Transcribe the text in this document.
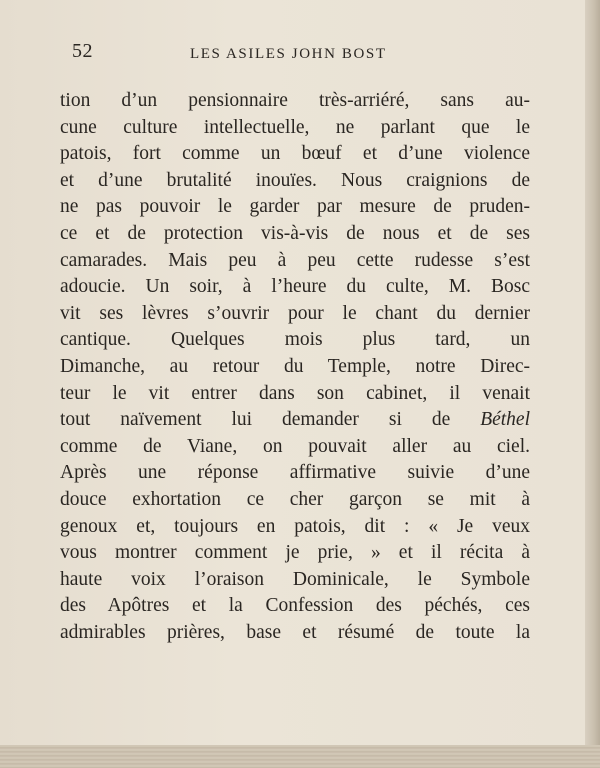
52	LES ASILES JOHN BOST
tion d’un pensionnaire très-arriéré, sans au-
cune culture intellectuelle, ne parlant que le
patois, fort comme un bœuf et d’une violence
et d’une brutalité inouïes. Nous craignions de
ne pas pouvoir le garder par mesure de pruden-
ce et de protection vis-à-vis de nous et de ses
camarades. Mais peu à peu cette rudesse s’est
adoucie. Un soir, à l’heure du culte, M. Bosc
vit ses lèvres s’ouvrir pour le chant du dernier
cantique. Quelques mois plus tard, un
Dimanche, au retour du Temple, notre Direc-
teur le vit entrer dans son cabinet, il venait
tout naïvement lui demander si de Béthel
comme de Viane, on pouvait aller au ciel.
Après une réponse affirmative suivie d’une
douce exhortation ce cher garçon se mit à
genoux et, toujours en patois, dit : « Je veux
vous montrer comment je prie, » et il récita à
haute voix l’oraison Dominicale, le Symbole
des Apôtres et la Confession des péchés, ces
admirables prières, base et résumé de toute la
